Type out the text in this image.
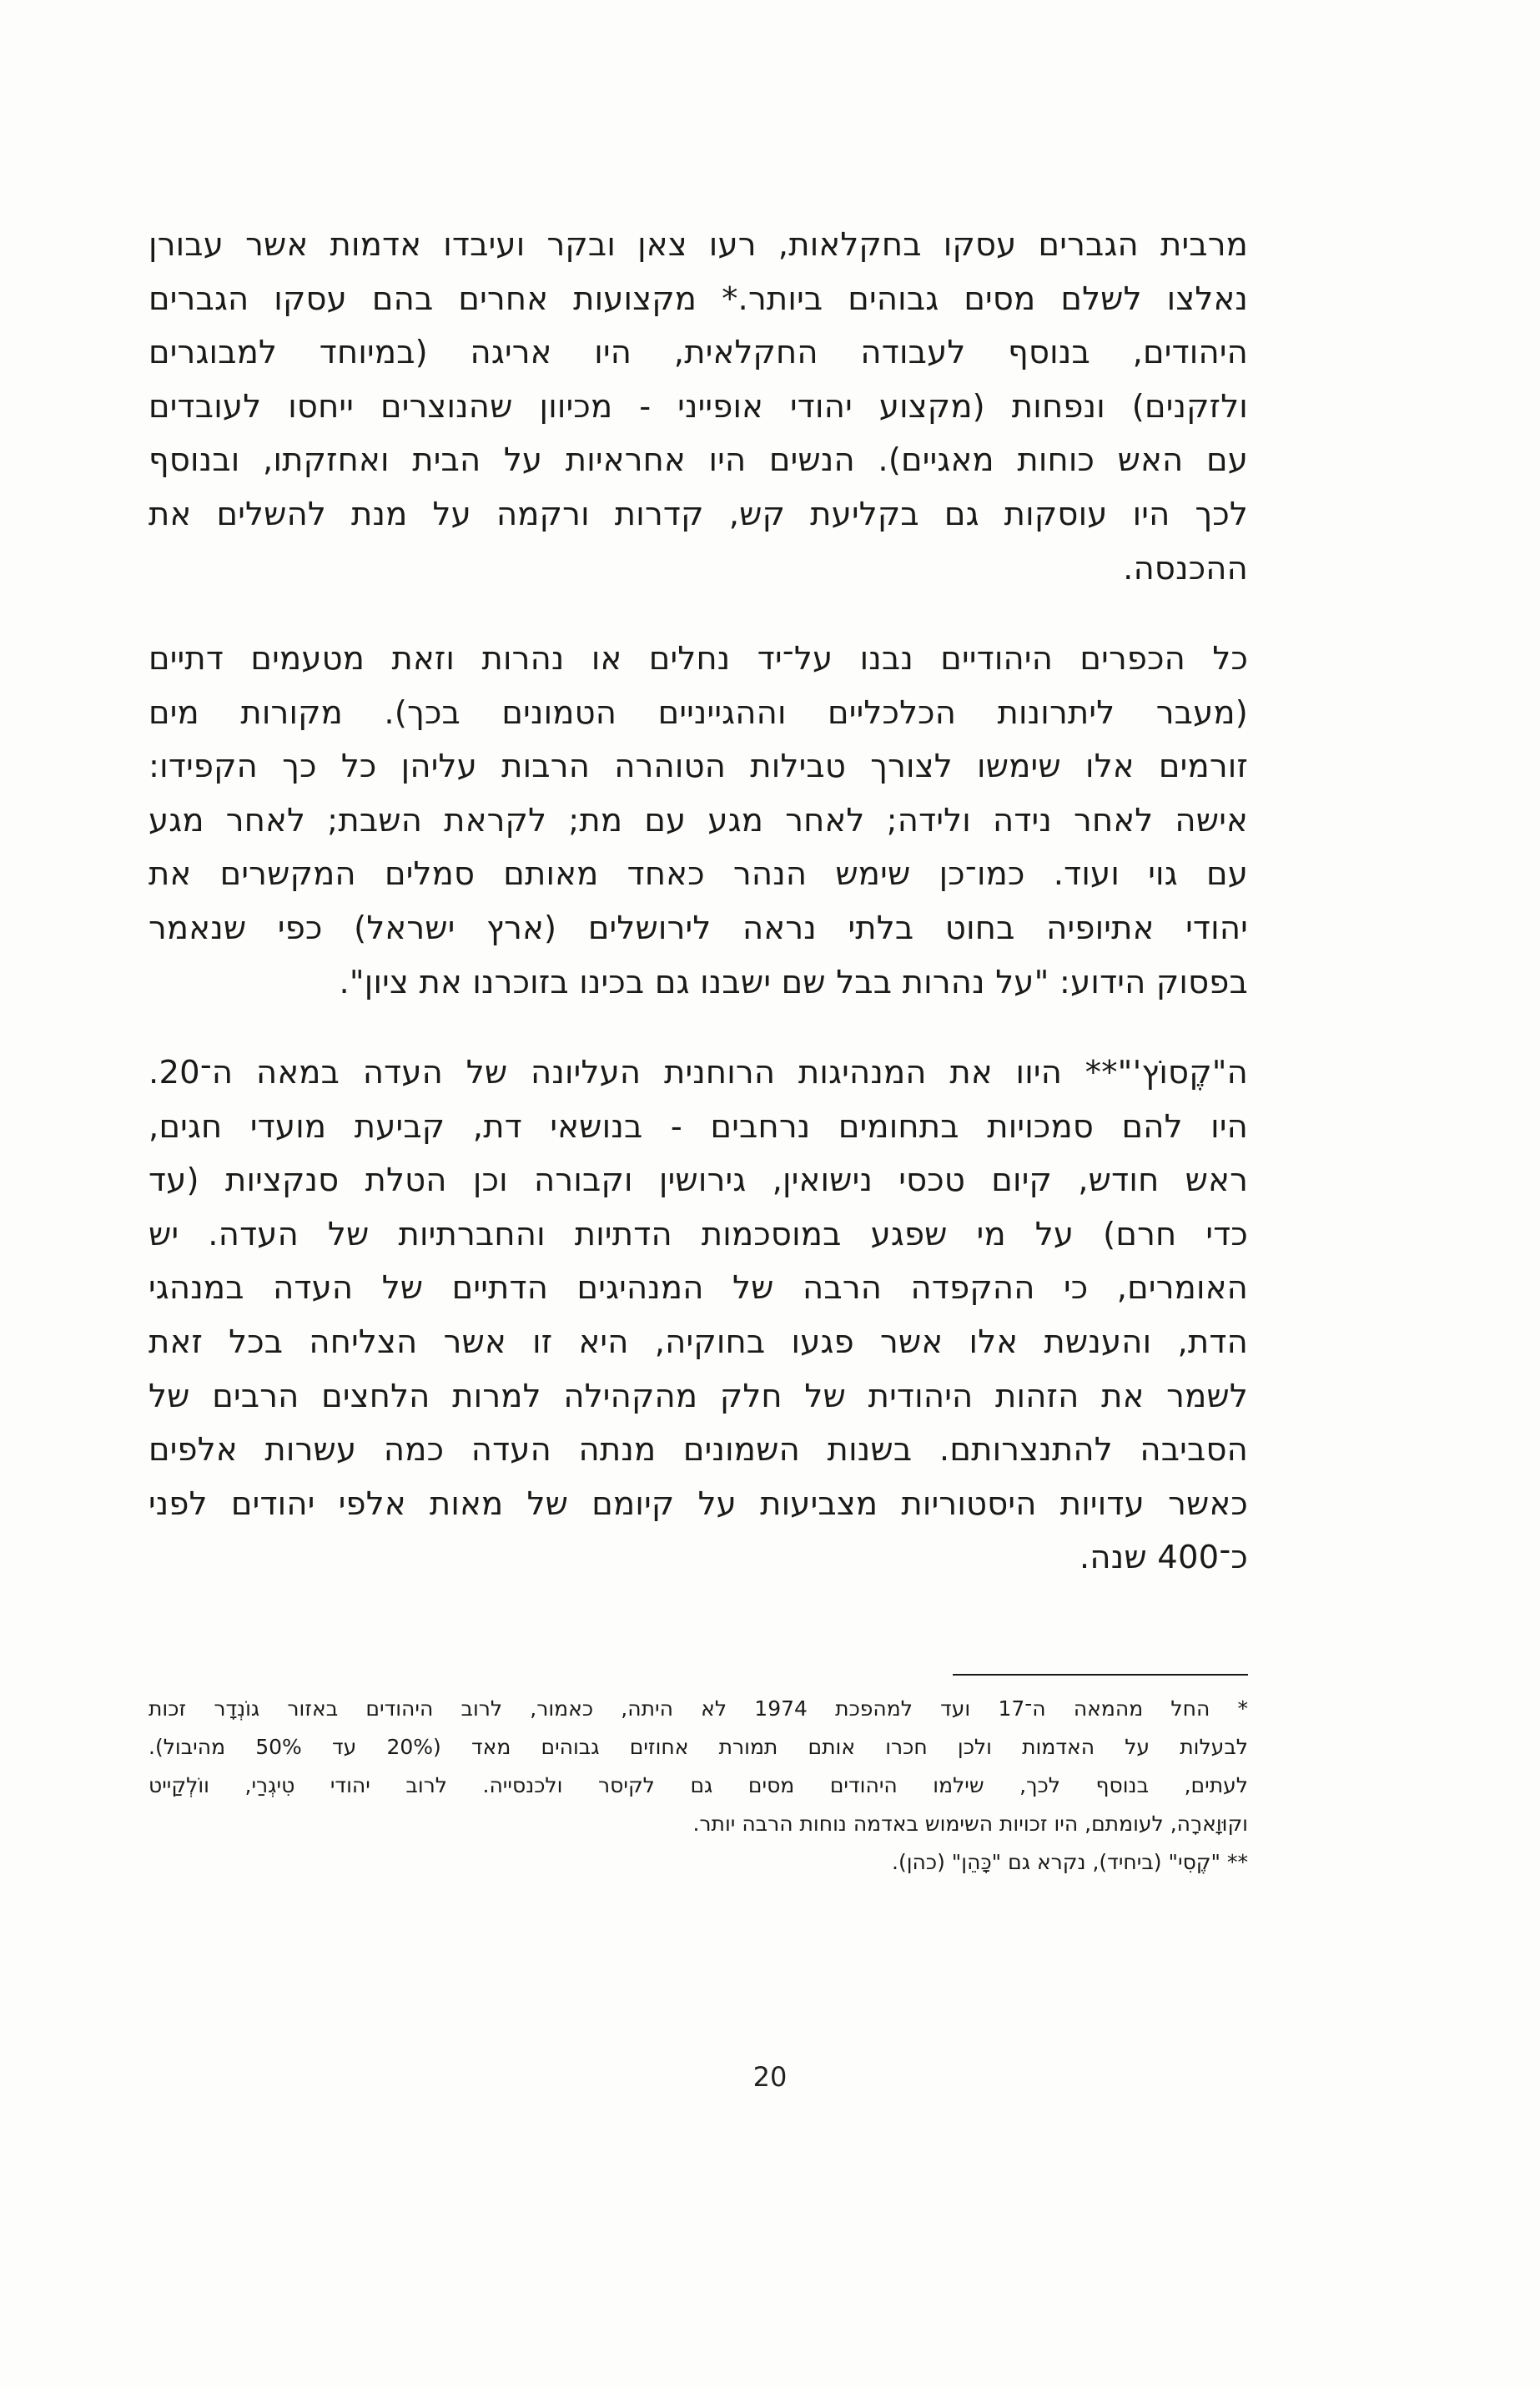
מרבית הגברים עסקו בחקלאות, רעו צאן ובקר ועיבדו אדמות אשר עבורן
נאלצו לשלם מסים גבוהים ביותר.* מקצועות אחרים בהם עסקו הגברים
היהודים, בנוסף לעבודה החקלאית, היו אריגה (במיוחד למבוגרים
ולזקנים) ונפחות (מקצוע יהודי אופייני - מכיוון שהנוצרים ייחסו לעובדים
עם האש כוחות מאגיים). הנשים היו אחראיות על הבית ואחזקתו, ובנוסף
לכך היו עוסקות גם בקליעת קש, קדרות ורקמה על מנת להשלים את
ההכנסה.
כל הכפרים היהודיים נבנו על־יד נחלים או נהרות וזאת מטעמים דתיים
(מעבר ליתרונות הכלכליים וההגייניים הטמונים בכך). מקורות מים
זורמים אלו שימשו לצורך טבילות הטוהרה הרבות עליהן כל כך הקפידו:
אישה לאחר נידה ולידה; לאחר מגע עם מת; לקראת השבת; לאחר מגע
עם גוי ועוד. כמו־כן שימש הנהר כאחד מאותם סמלים המקשרים את
יהודי אתיופיה בחוט בלתי נראה לירושלים (ארץ ישראל) כפי שנאמר
בפסוק הידוע: "על נהרות בבל שם ישבנו גם בכינו בזוכרנו את ציון".
ה"קֶסוֹץ'"** היוו את המנהיגות הרוחנית העליונה של העדה במאה ה־20.
היו להם סמכויות בתחומים נרחבים - בנושאי דת, קביעת מועדי חגים,
ראש חודש, קיום טכסי נישואין, גירושין וקבורה וכן הטלת סנקציות (עד
כדי חרם) על מי שפגע במוסכמות הדתיות והחברתיות של העדה. יש
האומרים, כי ההקפדה הרבה של המנהיגים הדתיים של העדה במנהגי
הדת, והענשת אלו אשר פגעו בחוקיה, היא זו אשר הצליחה בכל זאת
לשמר את הזהות היהודית של חלק מהקהילה למרות הלחצים הרבים של
הסביבה להתנצרותם. בשנות השמונים מנתה העדה כמה עשרות אלפים
כאשר עדויות היסטוריות מצביעות על קיומם של מאות אלפי יהודים לפני
כ־400 שנה.
* החל מהמאה ה־17 ועד למהפכת 1974 לא היתה, כאמור, לרוב היהודים באזור גוֹנְדָר זכות
לבעלות על האדמות ולכן חכרו אותם תמורת אחוזים גבוהים מאד (20% עד 50% מהיבול).
לעתים, בנוסף לכך, שילמו היהודים מסים גם לקיסר ולכנסייה. לרוב יהודי טִיגְרַי, ווֹלְקַייט
וקוּוָארָה, לעומתם, היו זכויות השימוש באדמה נוחות הרבה יותר.
** "קֶסִי" (ביחיד), נקרא גם "כָּהֵן" (כהן).
20
